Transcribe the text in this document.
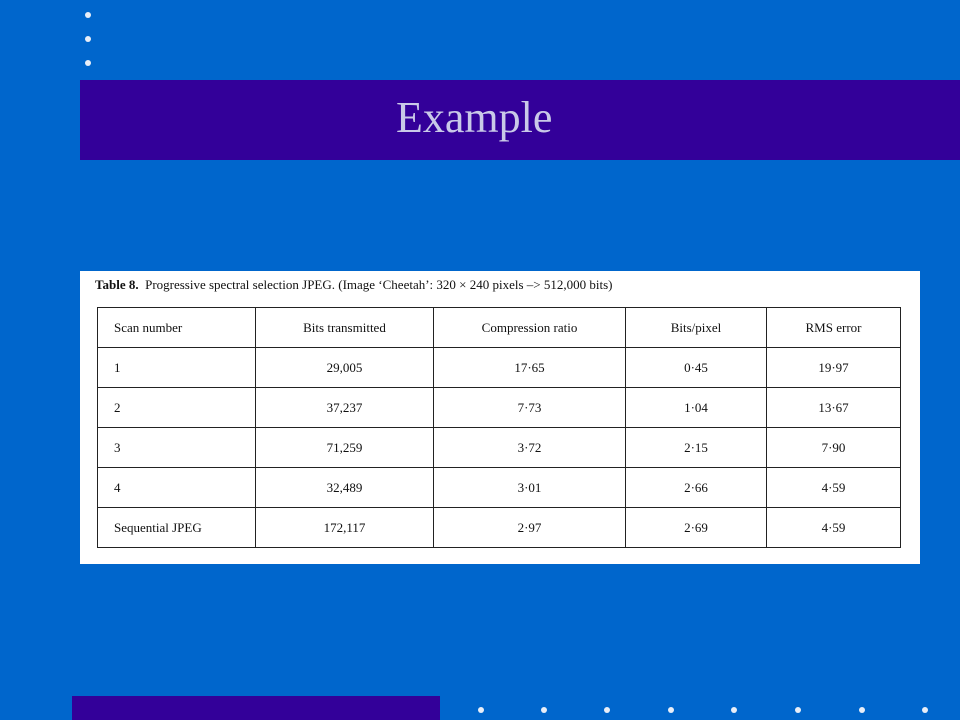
Example
Table 8. Progressive spectral selection JPEG. (Image ‘Cheetah’: 320 × 240 pixels –> 512,000 bits)
Scan number	Bits transmitted	Compression ratio	Bits/pixel	RMS error
1	29,005	17·65	0·45	19·97
2	37,237	7·73	1·04	13·67
3	71,259	3·72	2·15	7·90
4	32,489	3·01	2·66	4·59
Sequential JPEG	172,117	2·97	2·69	4·59
